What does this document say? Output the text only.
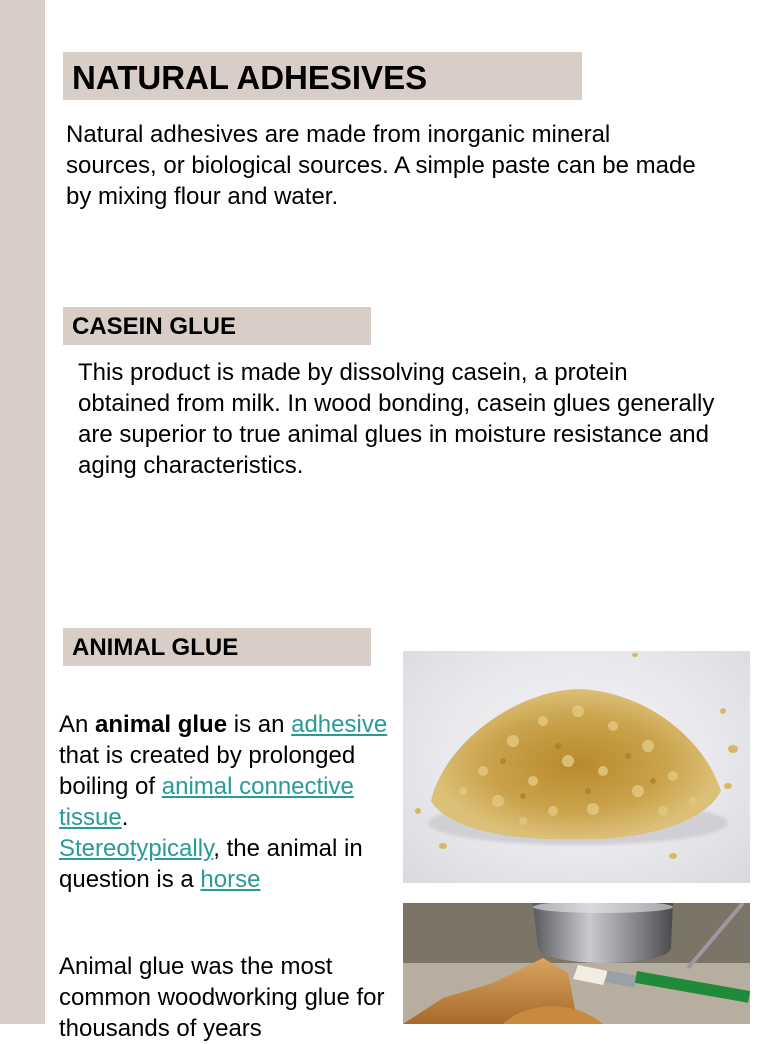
NATURAL ADHESIVES

Natural adhesives are made from inorganic mineral sources, or biological sources. A simple paste can be made by mixing flour and water.

CASEIN GLUE

This product is made by dissolving casein, a protein obtained from milk. In wood bonding, casein glues generally are superior to true animal glues in moisture resistance and aging characteristics.

ANIMAL GLUE

An animal glue is an adhesive that is created by prolonged boiling of animal connective tissue.
Stereotypically, the animal in question is a horse

Animal glue was the most common woodworking glue for thousands of years
